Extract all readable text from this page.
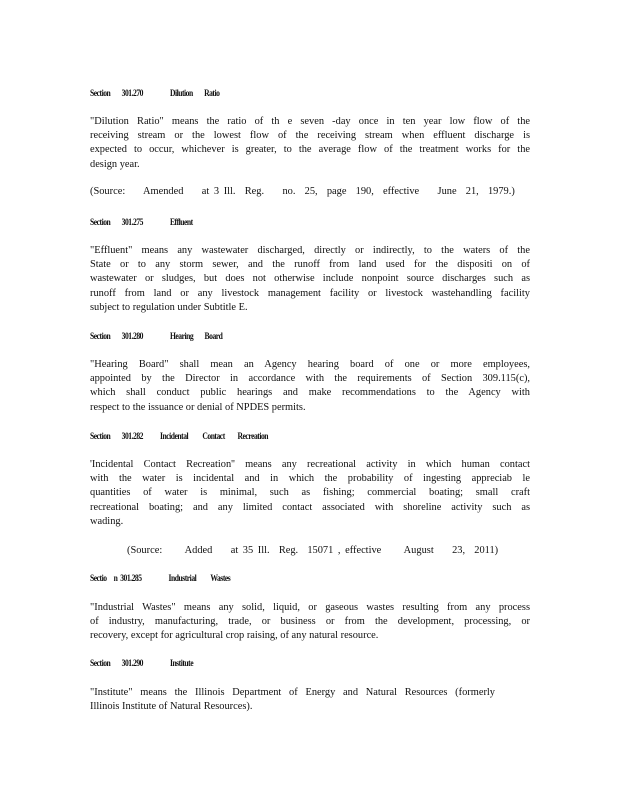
Section        301.270                   Dilution        Ratio
"Dilution Ratio" means the ratio of th e seven -day once in ten year low flow of the
receiving stream or the lowest flow of the receiving stream when effluent discharge is
expected to occur, whichever is greater, to the average flow of the treatment works for the
design year.
(Source:    Amended    at 3 Ill.  Reg.    no.  25,  page  190,  effective    June  21,  1979.)
Section        301.275                   Effluent
"Effluent" means any wastewater discharged, directly or indirectly, to the waters of the
State or to any storm sewer, and the runoff from land used for the dispositi on of
wastewater or sludges, but does not otherwise include nonpoint source discharges such as
runoff from land or any livestock management facility or livestock wastehandling facility
subject to regulation under Subtitle E.
Section        301.280                   Hearing        Board
"Hearing Board" shall mean an Agency hearing board of one or more employees,
appointed by the Director in accordance with the requirements of Section 309.115(c),
which shall conduct public hearings and make recommendations to the Agency with
respect to the issuance or denial of NPDES permits.
Section        301.282            Incidental          Contact         Recreation
'Incidental Contact Recreation'' means any recreational activity in which human contact
with the water is incidental and in which the probability of ingesting appreciab le
quantities of water is minimal, such as fishing; commercial boating; small craft
recreational boating; and any limited contact associated with shoreline activity such as
wading.
(Source:     Added    at 35 Ill.  Reg.  15071 , effective     August    23,  2011)
Sectio     n  301.285                   Industrial          Wastes
"Industrial Wastes" means any solid, liquid, or gaseous wastes resulting from any process
of industry, manufacturing, trade, or business or from the development, processing, or
recovery, except for agricultural crop raising, of any natural resource.
Section        301.290                   Institute
"Institute" means the Illinois Department of Energy and Natural Resources (formerly
Illinois Institute of Natural Resources).
